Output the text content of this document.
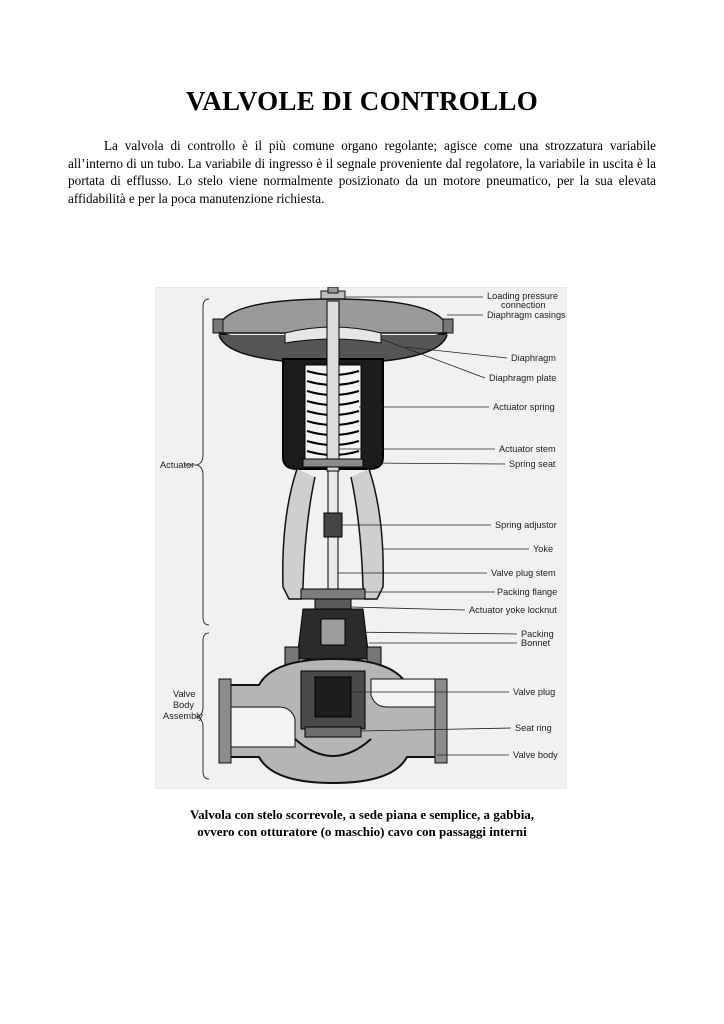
VALVOLE DI CONTROLLO
La valvola di controllo è il più comune organo regolante; agisce come una strozzatura variabile all’interno di un tubo. La variabile di ingresso è il segnale proveniente dal regolatore, la variabile in uscita è la portata di efflusso. Lo stelo viene normalmente posizionato da un motore pneumatico, per la sua elevata affidabilità e per la poca manutenzione richiesta.
Actuator
Valve
Body
Assembly
Loading pressure
connection
Diaphragm casings
Diaphragm
Diaphragm plate
Actuator spring
Actuator stem
Spring seat
Spring adjustor
Yoke
Valve plug stem
Packing flange
Actuator yoke locknut
Packing
Bonnet
Valve plug
Seat ring
Valve body
Valvola con stelo scorrevole, a sede piana e semplice, a gabbia,
ovvero con otturatore (o maschio) cavo con passaggi interni
